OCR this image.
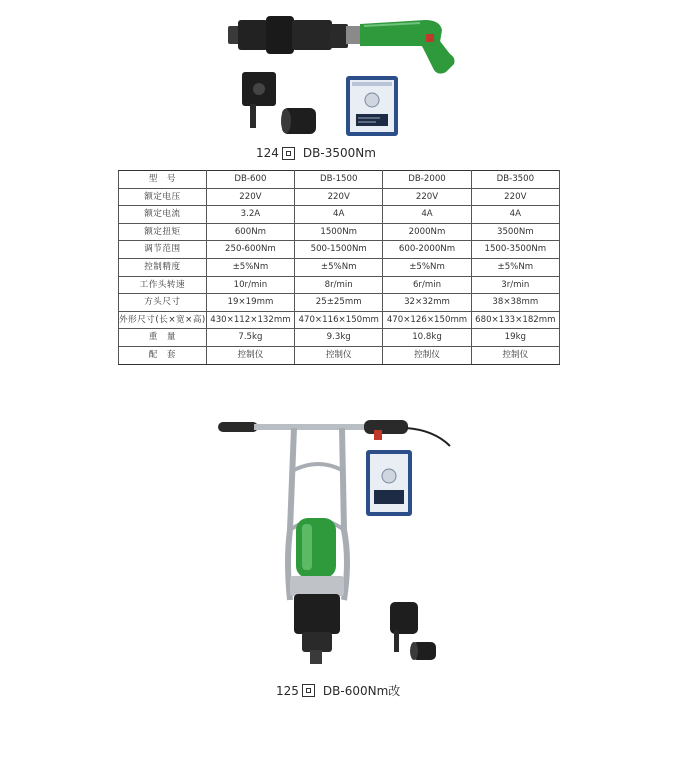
124 DB-3500Nm
型　号	DB-600	DB-1500	DB-2000	DB-3500
额定电压	220V	220V	220V	220V
额定电流	3.2A	4A	4A	4A
额定扭矩	600Nm	1500Nm	2000Nm	3500Nm
调节范围	250-600Nm	500-1500Nm	600-2000Nm	1500-3500Nm
控制精度	±5%Nm	±5%Nm	±5%Nm	±5%Nm
工作头转速	10r/min	8r/min	6r/min	3r/min
方头尺寸	19×19mm	25±25mm	32×32mm	38×38mm
外形尺寸(长×宽×高)	430×112×132mm	470×116×150mm	470×126×150mm	680×133×182mm
重　量	7.5kg	9.3kg	10.8kg	19kg
配　套	控制仪	控制仪	控制仪	控制仪
125 DB-600Nm改
